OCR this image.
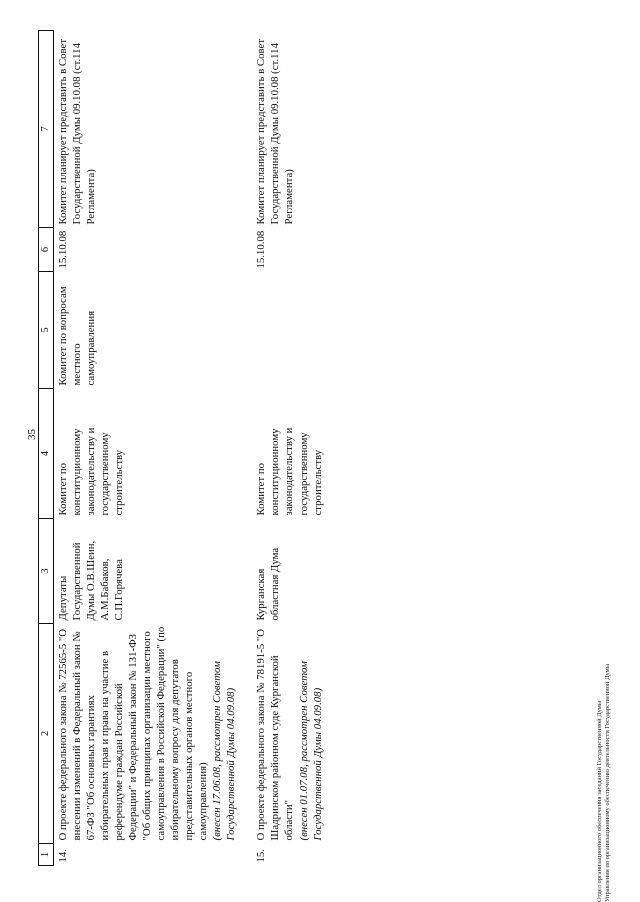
35
1	2	3	4	5	6	7
14.	О проекте федерального закона № 72565-5 "О внесении изменений в Федеральный закон № 67-ФЗ "Об основных гарантиях избирательных прав и права на участие в референдуме граждан Российской Федерации" и Федеральный закон № 131-ФЗ "Об общих принципах организации местного самоуправления в Российской Федерации" (по избирательному вопросу для депутатов представительных органов местного самоуправления) (внесен 17.06.08, рассмотрен Советом Государственной Думы 04.09.08)	Депутаты Государственной Думы О.В.Шеин, А.М.Бабаков, С.П.Горячева	Комитет по конституционному законодательству и государственному строительству	Комитет по вопросам местного самоуправления	15.10.08	Комитет планирует представить в Совет Государственной Думы 09.10.08 (ст.114 Регламента)
15.	О проекте федерального закона № 78191-5 "О Шадринском районном суде Курганской области" (внесен 01.07.08, рассмотрен Советом Государственной Думы 04.09.08)	Курганская областная Дума	Комитет по конституционному законодательству и государственному строительству		15.10.08	Комитет планирует представить в Совет Государственной Думы 09.10.08 (ст.114 Регламента)
Отдел организационного обеспечения заседаний Государственной Думы Управления по организационному обеспечению деятельности Государственной Думы
